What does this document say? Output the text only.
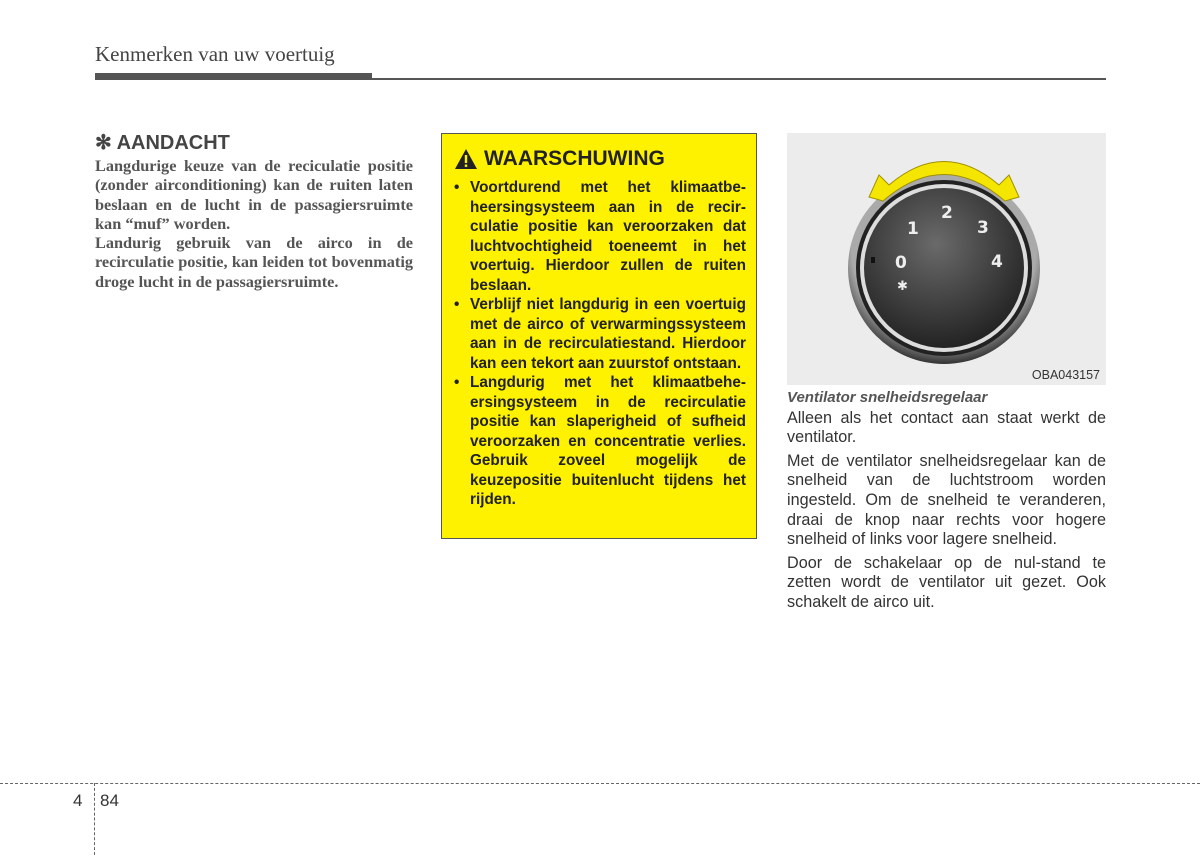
Kenmerken van uw voertuig
✻ AANDACHT

Langdurige keuze van de reciculatie positie (zonder airconditioning) kan de ruiten laten beslaan en de lucht in de passagiersruimte kan “muf” worden.

Landurig gebruik van de airco in de recirculatie positie, kan leiden tot bovenmatig droge lucht in de passagiersruimte.

WAARSCHUWING
• Voortdurend met het klimaatbeheersingsysteem aan in de recirculatie positie kan veroorzaken dat luchtvochtigheid toeneemt in het voertuig. Hierdoor zullen de ruiten beslaan.
• Verblijf niet langdurig in een voertuig met de airco of verwarmingssysteem aan in de recirculatiestand. Hierdoor kan een tekort aan zuurstof ontstaan.
• Langdurig met het klimaatbeheersingsysteem in de recirculatie positie kan slaperigheid of sufheid veroorzaken en concentratie verlies. Gebruik zoveel mogelijk de keuzepositie buitenlucht tijdens het rijden.
0
1
2
3
4
✱
OBA043157
Ventilator snelheidsregelaar

Alleen als het contact aan staat werkt de ventilator.

Met de ventilator snelheidsregelaar kan de snelheid van de luchtstroom worden ingesteld. Om de snelheid te veranderen, draai de knop naar rechts voor hogere snelheid of links voor lagere snelheid.

Door de schakelaar op de nul-stand te zetten wordt de ventilator uit gezet. Ook schakelt de airco uit.

4 84
